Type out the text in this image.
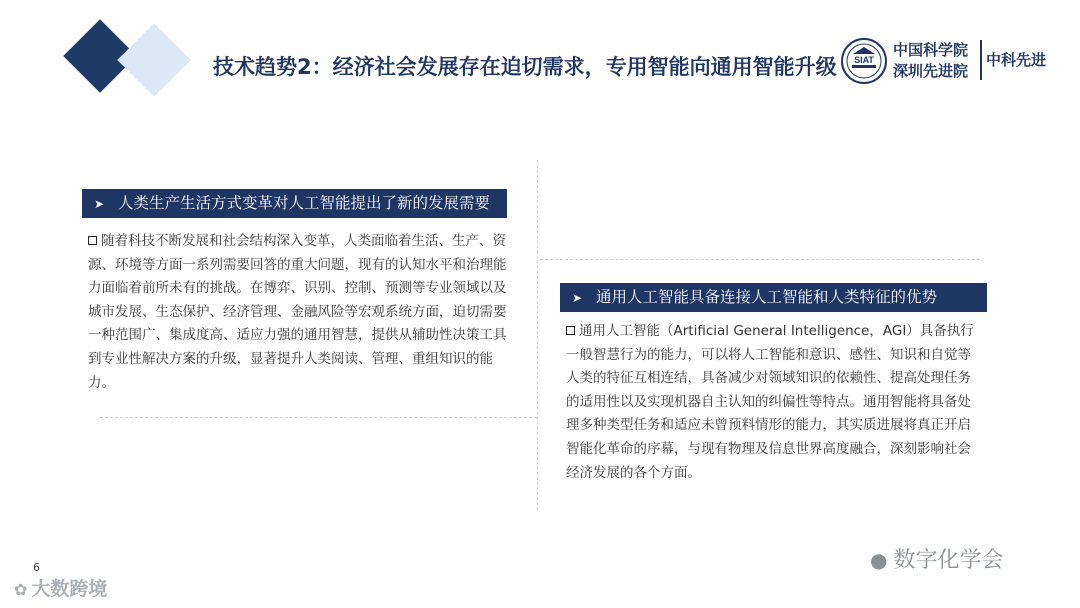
技术趋势2：经济社会发展存在迫切需求，专用智能向通用智能升级 SIAT
中国科学院
深圳先进院
中科先进
➤ 人类生产生活方式变革对人工智能提出了新的发展需要
随着科技不断发展和社会结构深入变革，人类面临着生活、生产、资源、环境等方面一系列需要回答的重大问题，现有的认知水平和治理能力面临着前所未有的挑战。在博弈、识别、控制、预测等专业领域以及城市发展、生态保护、经济管理、金融风险等宏观系统方面，迫切需要一种范围广、集成度高、适应力强的通用智慧，提供从辅助性决策工具到专业性解决方案的升级，显著提升人类阅读、管理、重组知识的能力。
➤ 通用人工智能具备连接人工智能和人类特征的优势
通用人工智能（Artificial General Intelligence，AGI）具备执行一般智慧行为的能力，可以将人工智能和意识、感性、知识和自觉等人类的特征互相连结，具备减少对领域知识的依赖性、提高处理任务的适用性以及实现机器自主认知的纠偏性等特点。通用智能将具备处理多种类型任务和适应未曾预料情形的能力，其实质进展将真正开启智能化革命的序幕，与现有物理及信息世界高度融合，深刻影响社会经济发展的各个方面。
6
✿ 大数跨境
● 数字化学会
